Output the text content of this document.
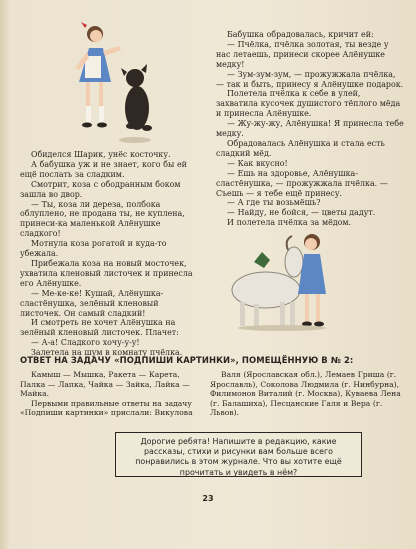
Обиделся Шарик, унёс косточку.

А бабушка уж и не знает, кого бы ей ещё послать за сладким.

Смотрит, коза с ободранным боком зашла во двор.

— Ты, коза ли дереза, полбока облуплено, не продана ты, не куплена, принеси-ка маленькой Алёнушке сладкого!

Мотнула коза рогатой и куда-то убежала.

Прибежала коза на новый мосточек, ухватила кленовый листочек и принесла его Алёнушке.

— Ме-ке-ке! Кушай, Алёнушка-сластёнушка, зелёный кленовый листочек. Он самый сладкий!

И смотреть не хочет Алёнушка на зелёный кленовый листочек. Плачет:

— А-а! Сладкого хочу-у-у!

Залетела на шум в комнату пчёлка.

Бабушка обрадовалась, кричит ей:

— Пчёлка, пчёлка золотая, ты везде у нас летаешь, принеси скорее Алёнушке медку!

— Зум-зум-зум, — прожужжала пчёлка, — так и быть, принесу я Алёнушке подарок.

Полетела пчёлка к себе в улей, захватила кусочек душистого тёплого мёда и принесла Алёнушке.

— Жу-жу-жу, Алёнушка! Я принесла тебе медку.

Обрадовалась Алёнушка и стала есть сладкий мёд.

— Как вкусно!

— Ешь на здоровье, Алёнушка-сластёнушка, — прожужжала пчёлка. — Съешь — я тебе ещё принесу.

— А где ты возьмёшь?

— Найду, не бойся, — цветы дадут.

И полетела пчёлка за мёдом.

ОТВЕТ НА ЗАДАЧУ «ПОДПИШИ КАРТИНКИ», ПОМЕЩЁННУЮ В № 2:

Камыш — Мышка, Ракета — Карета, Палка — Лапка, Чайка — Зайка, Лайка — Майка.

Первыми правильные ответы на задачу «Подпиши картинки» прислали: Викулова

Валя (Ярославская обл.), Лемаев Гриша (г. Ярославль), Соколова Людмила (г. Нинбурна), Филимонов Виталий (г. Москва), Кувaева Лена (г. Балашиха), Песцанские Галя и Вера (г. Львов).

Дорогие ребята! Напишите в редакцию, какие рассказы, стихи и рисунки вам больше всего понравились в этом журнале. Что вы хотите ещё прочитать и увидеть в нём?
23
